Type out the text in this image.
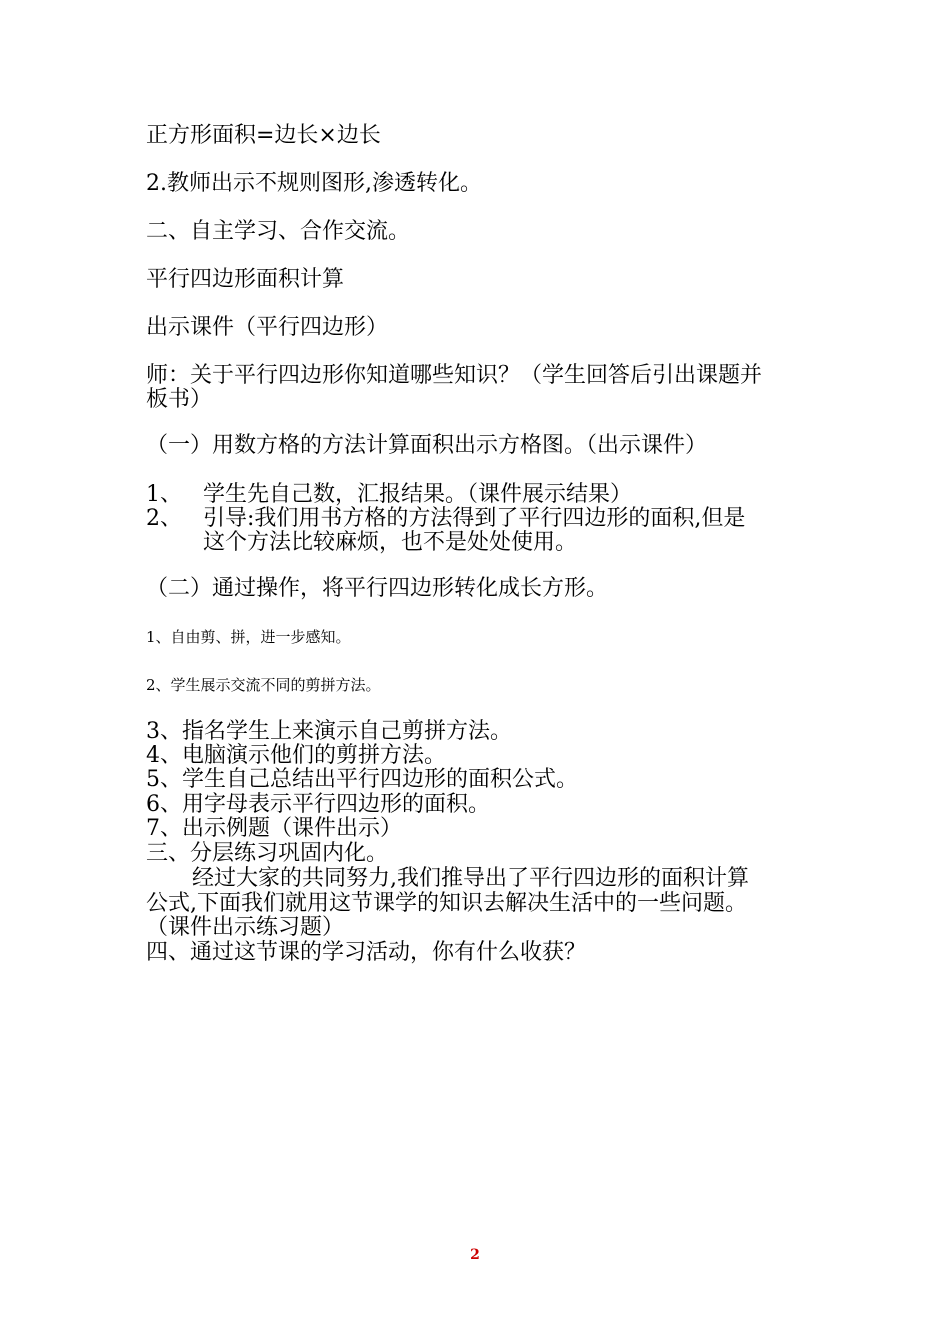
正方形面积=边长×边长
2.教师出示不规则图形,渗透转化。
二、自主学习、合作交流。
平行四边形面积计算
出示课件（平行四边形）
师：关于平行四边形你知道哪些知识？（学生回答后引出课题并
板书）
（一）用数方格的方法计算面积出示方格图。（出示课件）
1、 学生先自己数，汇报结果。（课件展示结果）
2、 引导:我们用书方格的方法得到了平行四边形的面积,但是
这个方法比较麻烦，也不是处处使用。
（二）通过操作，将平行四边形转化成长方形。
1、自由剪、拼，进一步感知。
2、学生展示交流不同的剪拼方法。
3、指名学生上来演示自己剪拼方法。
4、电脑演示他们的剪拼方法。
5、学生自己总结出平行四边形的面积公式。
6、用字母表示平行四边形的面积。
7、出示例题（课件出示）
三、分层练习巩固内化。
经过大家的共同努力,我们推导出了平行四边形的面积计算
公式,下面我们就用这节课学的知识去解决生活中的一些问题。
（课件出示练习题）
四、通过这节课的学习活动，你有什么收获？
2
